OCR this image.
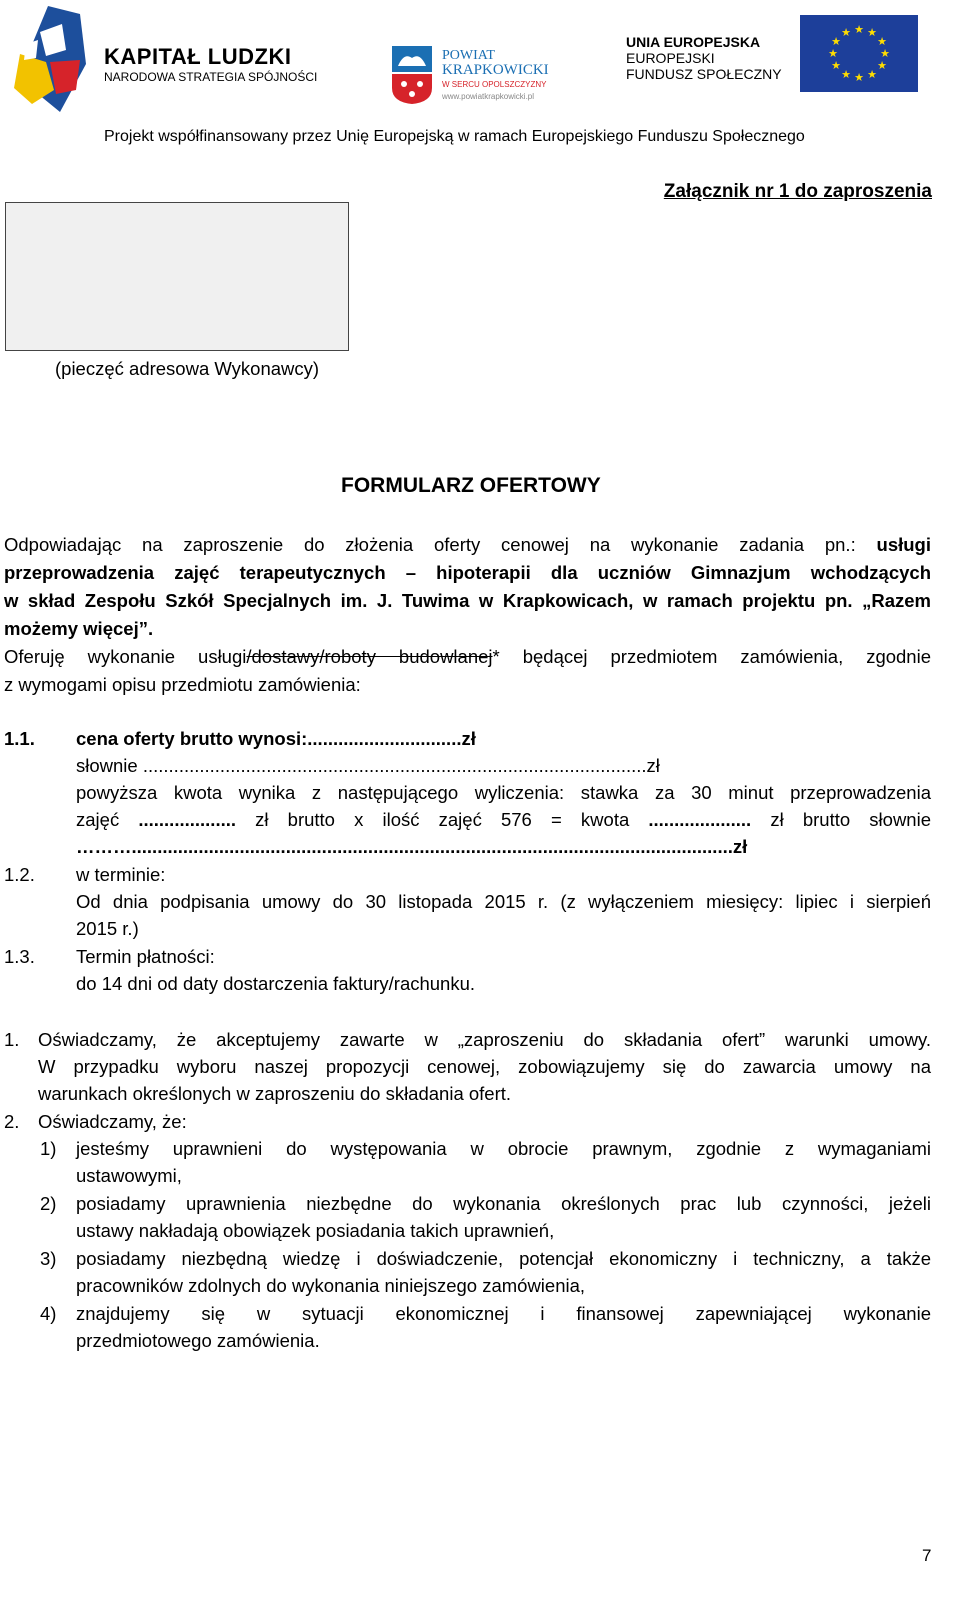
KAPITAŁ LUDZKI
NARODOWA STRATEGIA SPÓJNOŚCI
POWIAT
KRAPKOWICKI
W SERCU OPOLSZCZYZNY
www.powiatkrapkowicki.pl
UNIA EUROPEJSKA
EUROPEJSKI
FUNDUSZ SPOŁECZNY
★ ★
★
★
★
★
★
★
★
★
★
★
Projekt współfinansowany przez Unię Europejską w ramach Europejskiego Funduszu Społecznego
Załącznik nr 1 do zaproszenia
(pieczęć adresowa Wykonawcy)
FORMULARZ OFERTOWY
Odpowiadając na zaproszenie do złożenia oferty cenowej na wykonanie zadania pn.: usługi
przeprowadzenia zajęć terapeutycznych – hipoterapii dla uczniów Gimnazjum wchodzących
w skład Zespołu Szkół Specjalnych im. J. Tuwima w Krapkowicach, w ramach projektu pn. „Razem
możemy więcej”.
Oferuję wykonanie usługi/dostawy/roboty budowlanej* będącej przedmiotem zamówienia, zgodnie
z wymogami opisu przedmiotu zamówienia:
1.1. cena oferty brutto wynosi:..............................zł
słownie ..................................................................................................zł
powyższa kwota wynika z następującego wyliczenia: stawka za 30 minut przeprowadzenia
zajęć ................... zł brutto x ilość zajęć 576 = kwota .................... zł brutto słownie
……….....................................................................................................................zł
1.2. w terminie:
Od dnia podpisania umowy do 30 listopada 2015 r. (z wyłączeniem miesięcy: lipiec i sierpień
2015 r.)
1.3. Termin płatności:
do 14 dni od daty dostarczenia faktury/rachunku.
1. Oświadczamy, że akceptujemy zawarte w „zaproszeniu do składania ofert” warunki umowy.
W przypadku wyboru naszej propozycji cenowej, zobowiązujemy się do zawarcia umowy na
warunkach określonych w zaproszeniu do składania ofert.
2. Oświadczamy, że:
1) jesteśmy uprawnieni do występowania w obrocie prawnym, zgodnie z wymaganiami
ustawowymi,
2) posiadamy uprawnienia niezbędne do wykonania określonych prac lub czynności, jeżeli
ustawy nakładają obowiązek posiadania takich uprawnień,
3) posiadamy niezbędną wiedzę i doświadczenie, potencjał ekonomiczny i techniczny, a także
pracowników zdolnych do wykonania niniejszego zamówienia,
4) znajdujemy się w sytuacji ekonomicznej i finansowej zapewniającej wykonanie
przedmiotowego zamówienia.
7
